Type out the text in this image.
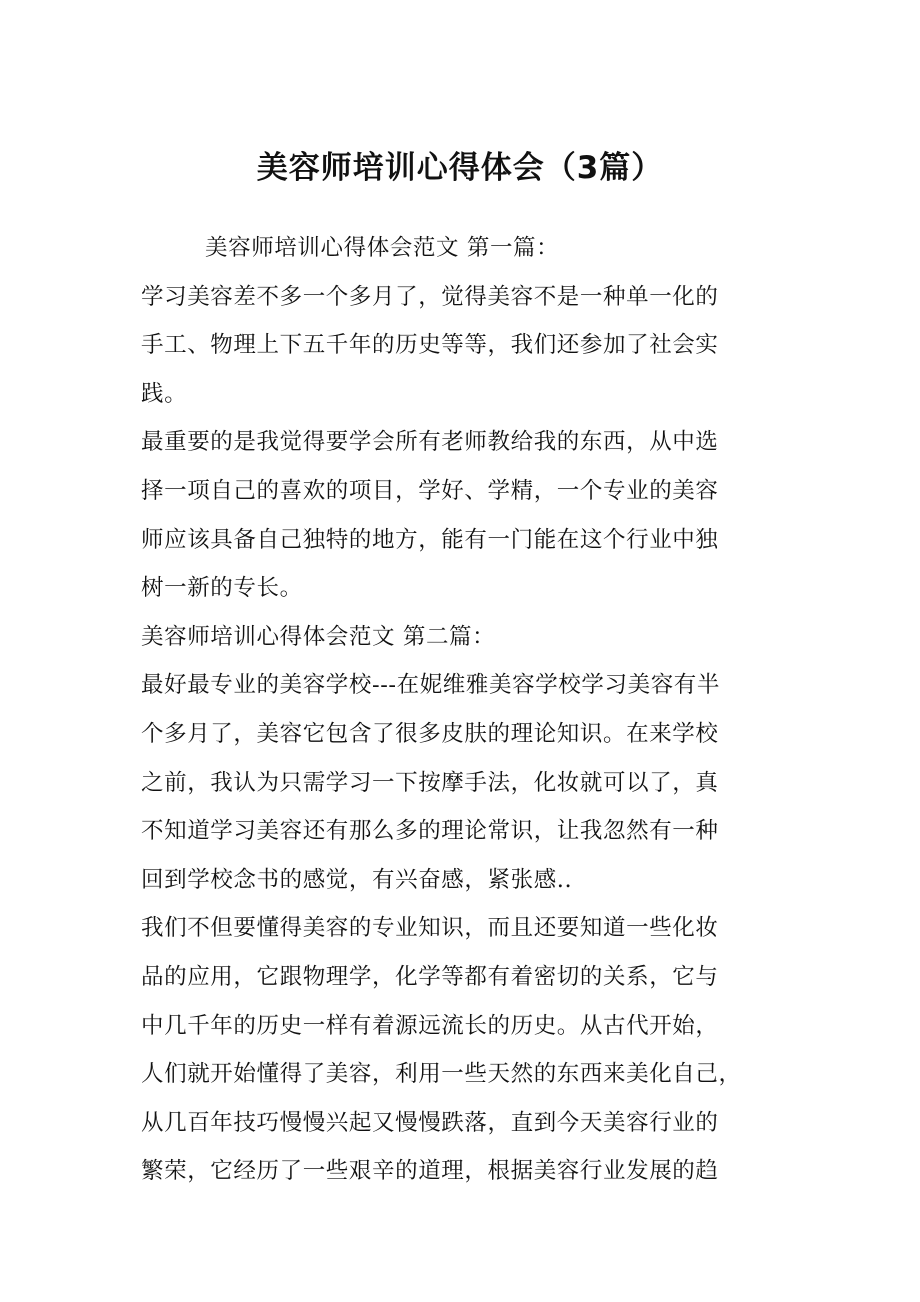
美容师培训心得体会（3篇）
美容师培训心得体会范文 第一篇：
学习美容差不多一个多月了，觉得美容不是一种单一化的
手工、物理上下五千年的历史等等，我们还参加了社会实
践。
最重要的是我觉得要学会所有老师教给我的东西，从中选
择一项自己的喜欢的项目，学好、学精，一个专业的美容
师应该具备自己独特的地方，能有一门能在这个行业中独
树一新的专长。
美容师培训心得体会范文 第二篇：
最好最专业的美容学校---在妮维雅美容学校学习美容有半
个多月了，美容它包含了很多皮肤的理论知识。在来学校
之前，我认为只需学习一下按摩手法，化妆就可以了，真
不知道学习美容还有那么多的理论常识，让我忽然有一种
回到学校念书的感觉，有兴奋感，紧张感..
我们不但要懂得美容的专业知识，而且还要知道一些化妆
品的应用，它跟物理学，化学等都有着密切的关系，它与
中几千年的历史一样有着源远流长的历史。从古代开始，
人们就开始懂得了美容，利用一些天然的东西来美化自己，
从几百年技巧慢慢兴起又慢慢跌落，直到今天美容行业的
繁荣，它经历了一些艰辛的道理，根据美容行业发展的趋
